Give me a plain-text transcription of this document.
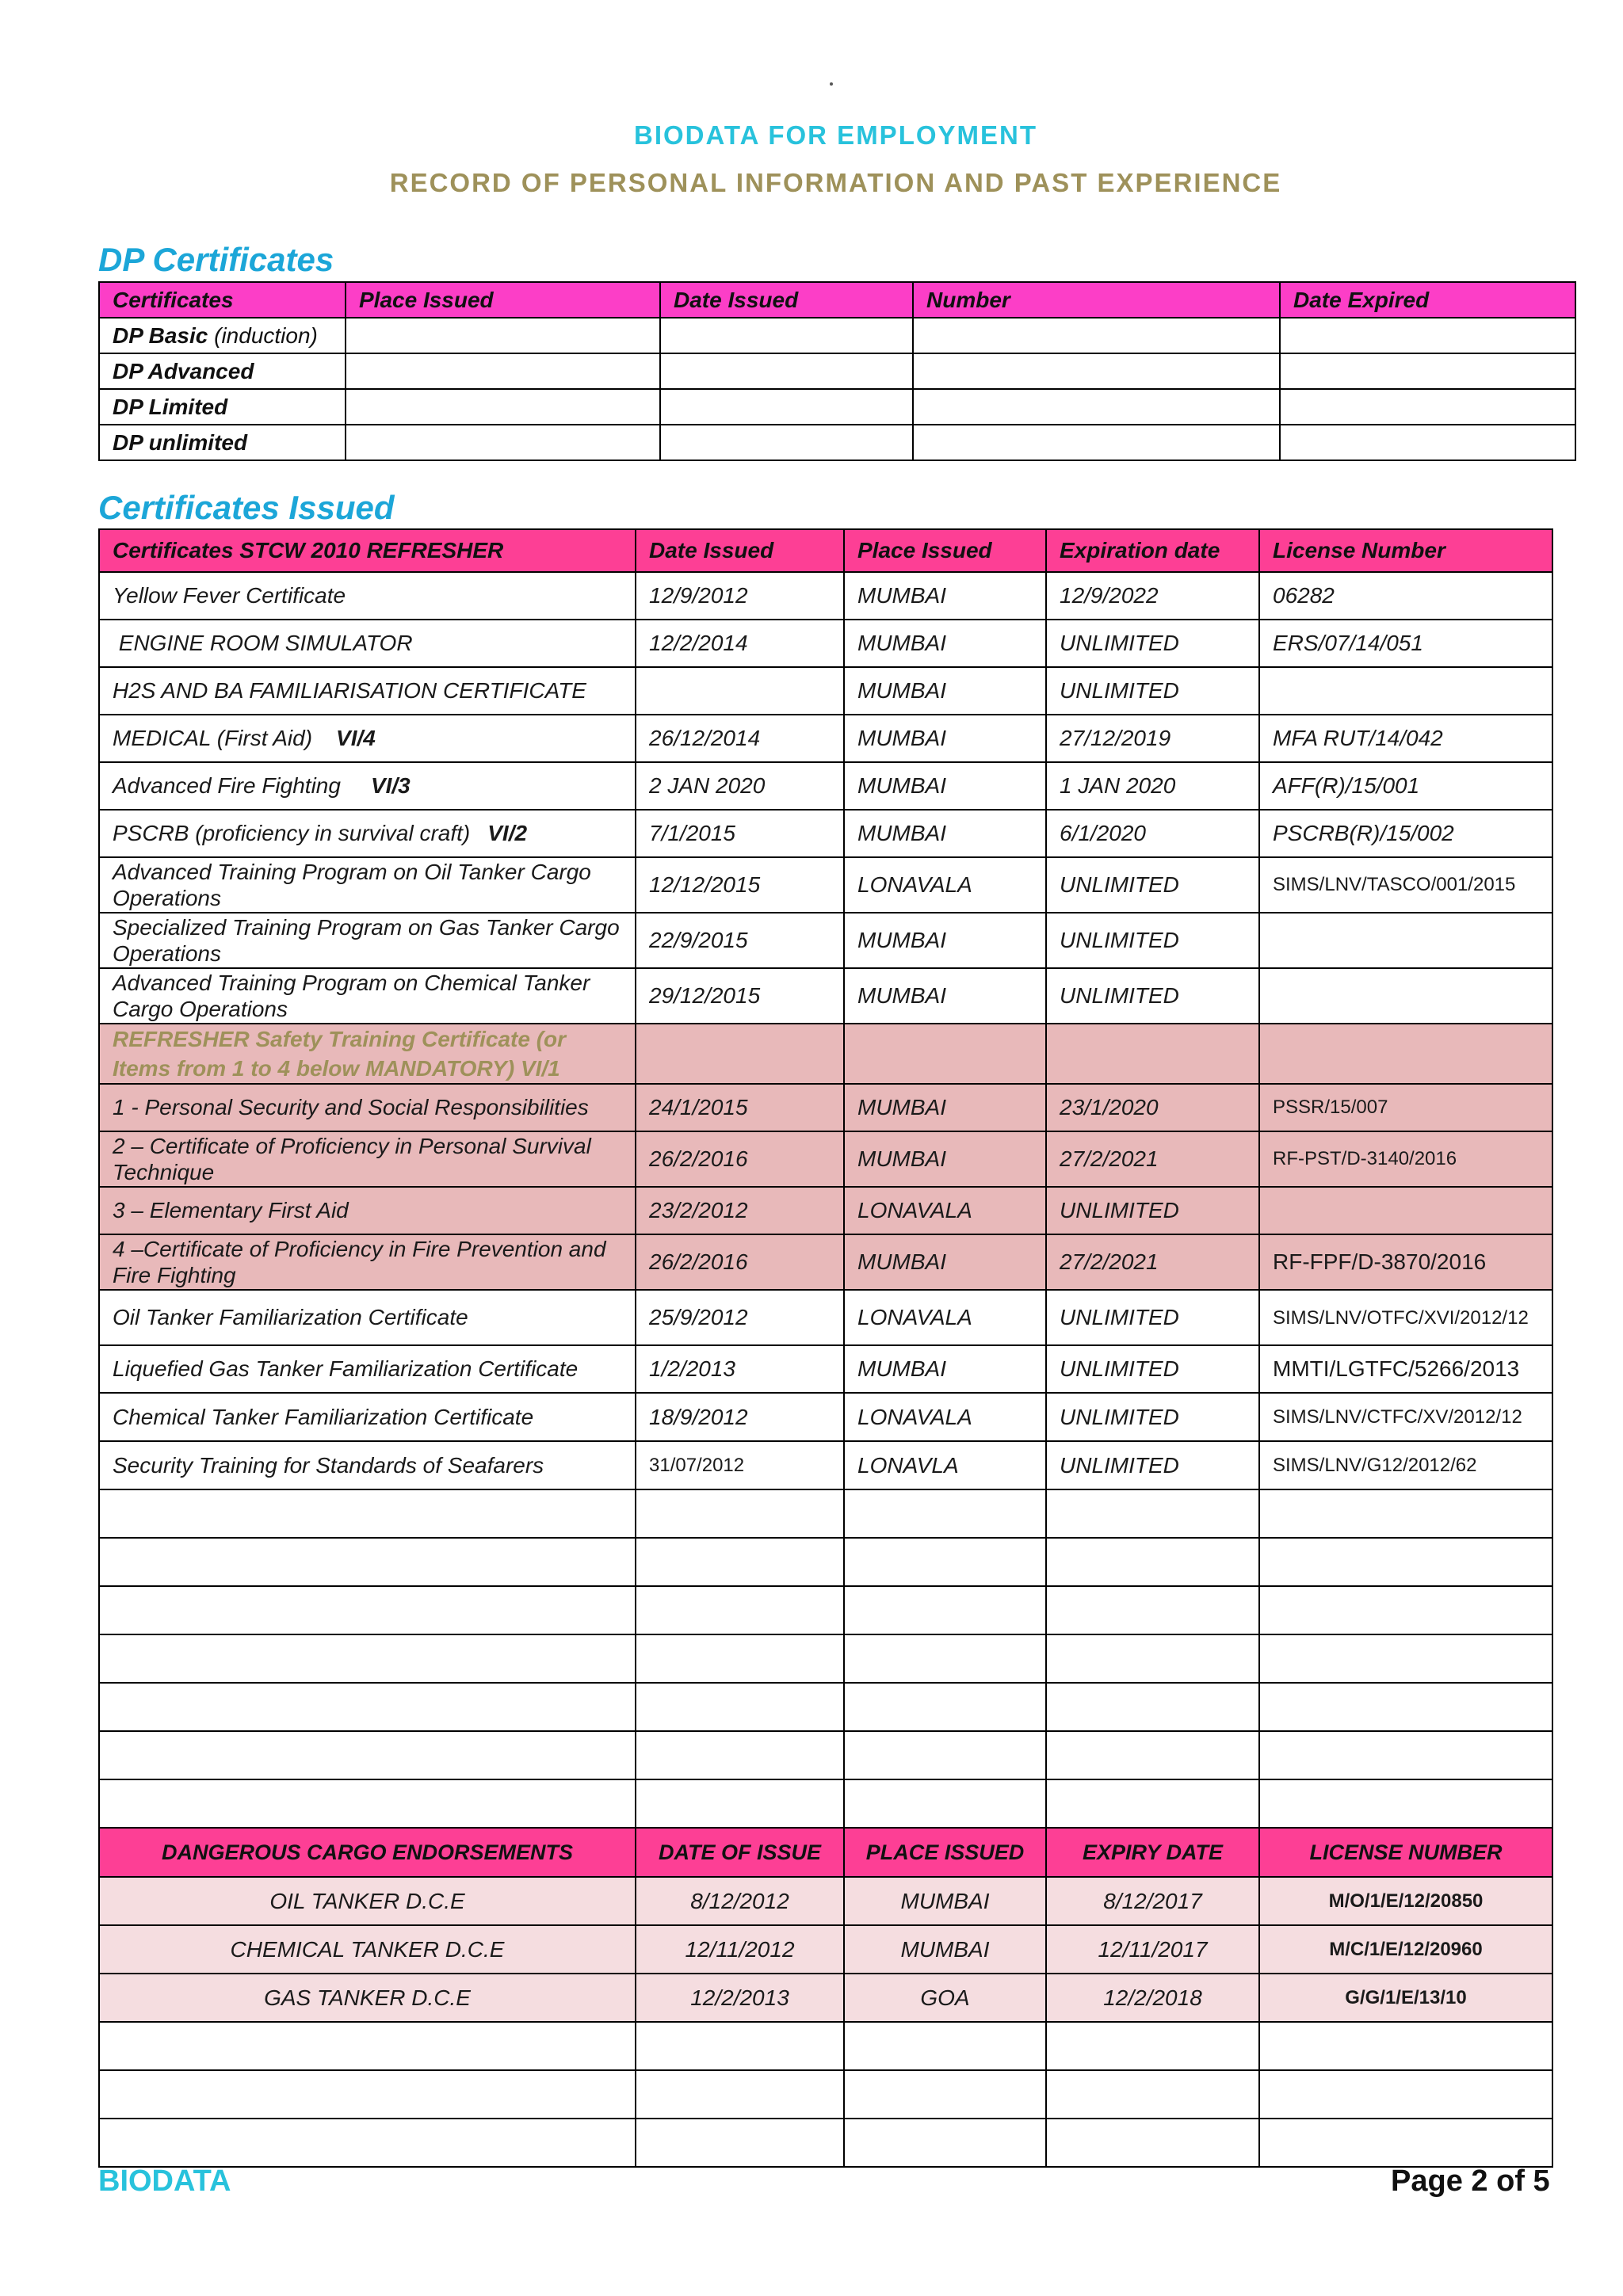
BIODATA FOR EMPLOYMENT
RECORD OF PERSONAL INFORMATION AND PAST EXPERIENCE
DP Certificates
Certificates	Place Issued	Date Issued	Number	Date Expired
DP Basic (induction)				
DP Advanced				
DP Limited				
DP unlimited				
Certificates Issued
Certificates STCW 2010 REFRESHER	Date Issued	Place Issued	Expiration date	License Number
Yellow Fever Certificate	12/9/2012	MUMBAI	12/9/2022	06282
ENGINE ROOM SIMULATOR	12/2/2014	MUMBAI	UNLIMITED	ERS/07/14/051
H2S AND BA FAMILIARISATION CERTIFICATE		MUMBAI	UNLIMITED	
MEDICAL (First Aid) VI/4	26/12/2014	MUMBAI	27/12/2019	MFA RUT/14/042
Advanced Fire Fighting VI/3	2 JAN 2020	MUMBAI	1 JAN 2020	AFF(R)/15/001
PSCRB (proficiency in survival craft) VI/2	7/1/2015	MUMBAI	6/1/2020	PSCRB(R)/15/002
Advanced Training Program on Oil Tanker Cargo Operations	12/12/2015	LONAVALA	UNLIMITED	SIMS/LNV/TASCO/001/2015
Specialized Training Program on Gas Tanker Cargo Operations	22/9/2015	MUMBAI	UNLIMITED	
Advanced Training Program on Chemical Tanker Cargo Operations	29/12/2015	MUMBAI	UNLIMITED	
REFRESHER Safety Training Certificate (or Items from 1 to 4 below MANDATORY) VI/1				
1 - Personal Security and Social Responsibilities	24/1/2015	MUMBAI	23/1/2020	PSSR/15/007
2 – Certificate of Proficiency in Personal Survival Technique	26/2/2016	MUMBAI	27/2/2021	RF-PST/D-3140/2016
3 – Elementary First Aid	23/2/2012	LONAVALA	UNLIMITED	
4 –Certificate of Proficiency in Fire Prevention and Fire Fighting	26/2/2016	MUMBAI	27/2/2021	RF-FPF/D-3870/2016
Oil Tanker Familiarization Certificate	25/9/2012	LONAVALA	UNLIMITED	SIMS/LNV/OTFC/XVI/2012/12
Liquefied Gas Tanker Familiarization Certificate	1/2/2013	MUMBAI	UNLIMITED	MMTI/LGTFC/5266/2013
Chemical Tanker Familiarization Certificate	18/9/2012	LONAVALA	UNLIMITED	SIMS/LNV/CTFC/XV/2012/12
Security Training for Standards of Seafarers	31/07/2012	LONAVLA	UNLIMITED	SIMS/LNV/G12/2012/62

DANGEROUS CARGO ENDORSEMENTS	DATE OF ISSUE	PLACE ISSUED	EXPIRY DATE	LICENSE NUMBER
OIL TANKER D.C.E	8/12/2012	MUMBAI	8/12/2017	M/O/1/E/12/20850
CHEMICAL TANKER D.C.E	12/11/2012	MUMBAI	12/11/2017	M/C/1/E/12/20960
GAS TANKER D.C.E	12/2/2013	GOA	12/2/2018	G/G/1/E/13/10

BIODATA	Page 2 of 5
